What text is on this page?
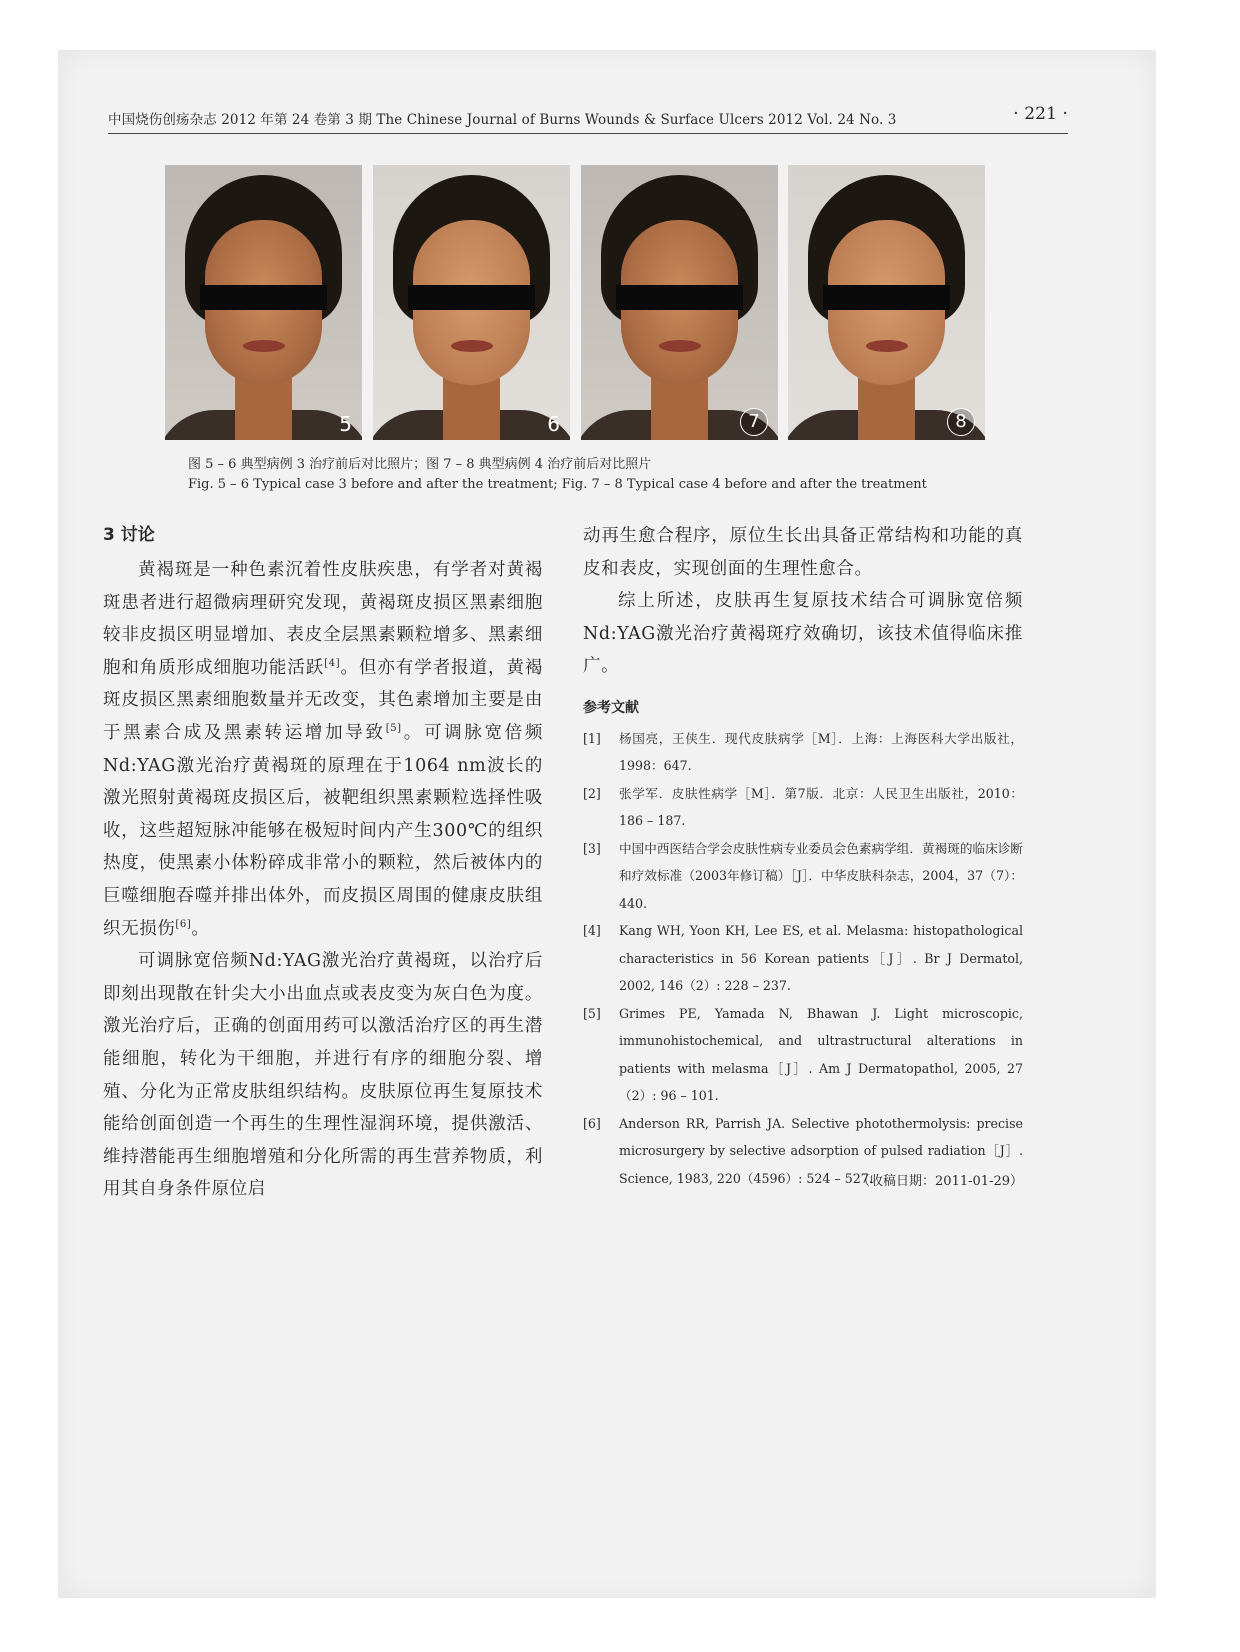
中国烧伤创疡杂志 2012 年第 24 卷第 3 期 The Chinese Journal of Burns Wounds & Surface Ulcers 2012 Vol. 24 No. 3	· 221 ·
5	6	7	8
图 5 – 6 典型病例 3 治疗前后对比照片；图 7 – 8 典型病例 4 治疗前后对比照片
Fig. 5 – 6 Typical case 3 before and after the treatment; Fig. 7 – 8 Typical case 4 before and after the treatment
3 讨论

黄褐斑是一种色素沉着性皮肤疾患，有学者对黄褐斑患者进行超微病理研究发现，黄褐斑皮损区黑素细胞较非皮损区明显增加、表皮全层黑素颗粒增多、黑素细胞和角质形成细胞功能活跃[4]。但亦有学者报道，黄褐斑皮损区黑素细胞数量并无改变，其色素增加主要是由于黑素合成及黑素转运增加导致[5]。可调脉宽倍频Nd:YAG激光治疗黄褐斑的原理在于1064 nm波长的激光照射黄褐斑皮损区后，被靶组织黑素颗粒选择性吸收，这些超短脉冲能够在极短时间内产生300℃的组织热度，使黑素小体粉碎成非常小的颗粒，然后被体内的巨噬细胞吞噬并排出体外，而皮损区周围的健康皮肤组织无损伤[6]。

可调脉宽倍频Nd:YAG激光治疗黄褐斑，以治疗后即刻出现散在针尖大小出血点或表皮变为灰白色为度。激光治疗后，正确的创面用药可以激活治疗区的再生潜能细胞，转化为干细胞，并进行有序的细胞分裂、增殖、分化为正常皮肤组织结构。皮肤原位再生复原技术能给创面创造一个再生的生理性湿润环境，提供激活、维持潜能再生细胞增殖和分化所需的再生营养物质，利用其自身条件原位启

动再生愈合程序，原位生长出具备正常结构和功能的真皮和表皮，实现创面的生理性愈合。

综上所述，皮肤再生复原技术结合可调脉宽倍频Nd:YAG激光治疗黄褐斑疗效确切，该技术值得临床推广。

参考文献
[1] 杨国亮，王侠生．现代皮肤病学［M］．上海：上海医科大学出版社，1998：647.
[2] 张学军．皮肤性病学［M］．第7版．北京：人民卫生出版社，2010：186 – 187.
[3] 中国中西医结合学会皮肤性病专业委员会色素病学组．黄褐斑的临床诊断和疗效标准（2003年修订稿）［J］．中华皮肤科杂志，2004，37（7）：440.
[4] Kang WH, Yoon KH, Lee ES, et al. Melasma: histopathological characteristics in 56 Korean patients［J］. Br J Dermatol, 2002, 146（2）: 228 – 237.
[5] Grimes PE, Yamada N, Bhawan J. Light microscopic, immunohistochemical, and ultrastructural alterations in patients with melasma［J］. Am J Dermatopathol, 2005, 27（2）: 96 – 101.
[6] Anderson RR, Parrish JA. Selective photothermolysis: precise microsurgery by selective adsorption of pulsed radiation［J］. Science, 1983, 220（4596）: 524 – 527.
（收稿日期：2011-01-29）
